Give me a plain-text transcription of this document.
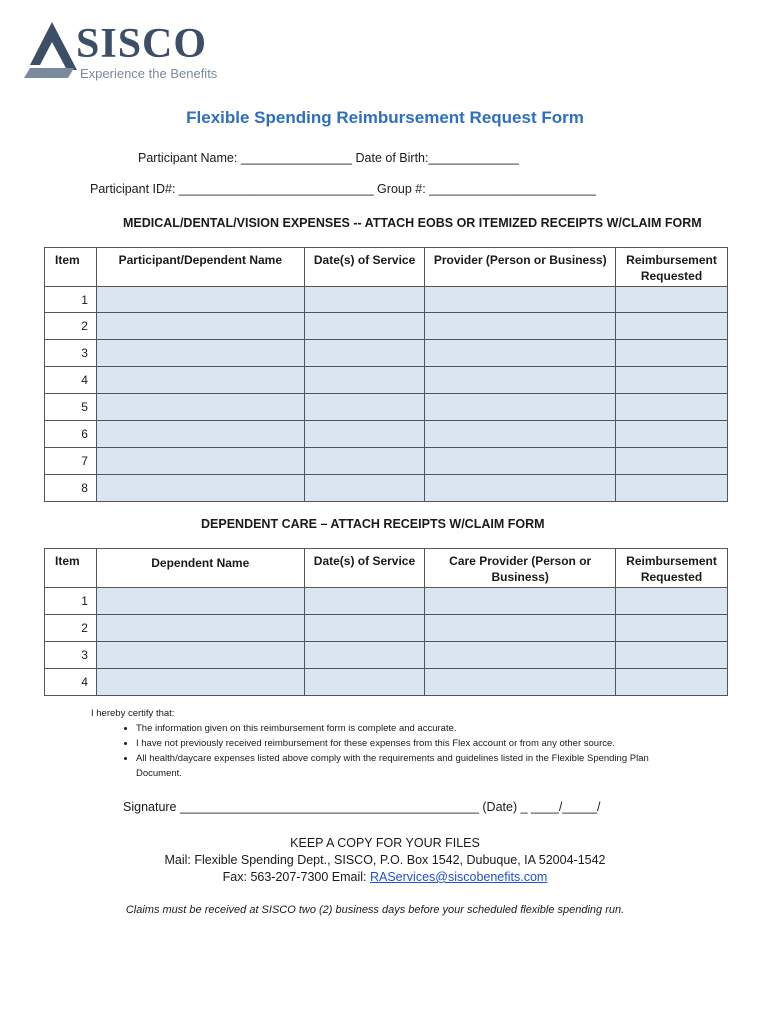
SISCO
Experience the Benefits
Flexible Spending Reimbursement Request Form
Participant Name: ________________ Date of Birth:_____________
Participant ID#: ____________________________ Group #: ________________________
MEDICAL/DENTAL/VISION EXPENSES -- ATTACH EOBS OR ITEMIZED RECEIPTS W/CLAIM FORM
Item	Participant/Dependent Name	Date(s) of Service	Provider (Person or Business)	Reimbursement Requested
1				
2				
3				
4				
5				
6				
7				
8				
DEPENDENT CARE – ATTACH RECEIPTS W/CLAIM FORM
Item	Dependent Name	Date(s) of Service	Care Provider (Person or Business)	Reimbursement Requested
1				
2				
3				
4				
I hereby certify that:
• The information given on this reimbursement form is complete and accurate.
• I have not previously received reimbursement for these expenses from this Flex account or from any other source.
• All health/daycare expenses listed above comply with the requirements and guidelines listed in the Flexible Spending Plan Document.
Signature ___________________________________________ (Date) _ ____/_____/
KEEP A COPY FOR YOUR FILES
Mail: Flexible Spending Dept., SISCO, P.O. Box 1542, Dubuque, IA 52004-1542
Fax: 563-207-7300 Email: RAServices@siscobenefits.com
Claims must be received at SISCO two (2) business days before your scheduled flexible spending run.
